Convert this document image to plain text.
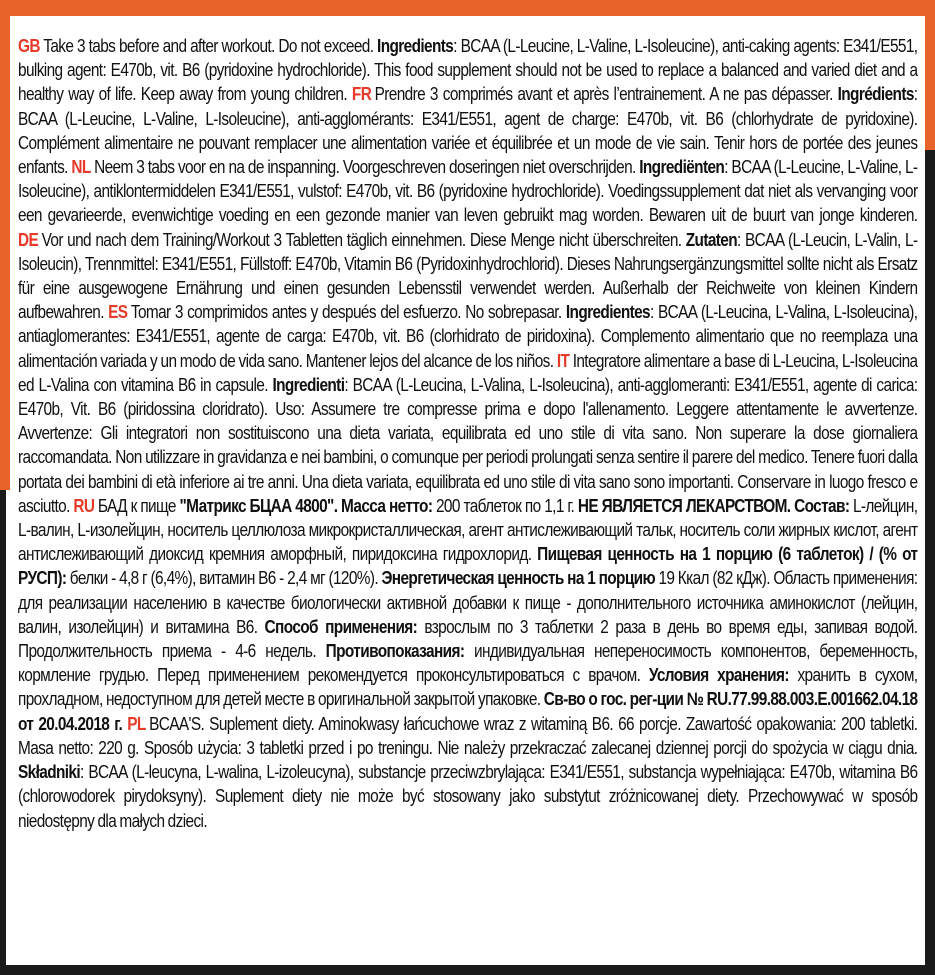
GB Take 3 tabs before and after workout. Do not exceed. Ingredients: BCAA (L-Leucine, L-Valine, L-Isoleucine), anti-caking agents: E341/E551, bulking agent: E470b, vit. B6 (pyridoxine hydrochloride). This food supplement should not be used to replace a balanced and varied diet and a healthy way of life. Keep away from young children. FR Prendre 3 comprimés avant et après l’entrainement. A ne pas dépasser. Ingrédients: BCAA (L-Leucine, L-Valine, L-Isoleucine), anti-agglomérants: E341/E551, agent de charge: E470b, vit. B6 (chlorhydrate de pyridoxine). Complément alimentaire ne pouvant remplacer une alimentation variée et équilibrée et un mode de vie sain. Tenir hors de portée des jeunes enfants. NL Neem 3 tabs voor en na de inspanning. Voorgeschreven doseringen niet overschrijden. Ingrediënten: BCAA (L-Leucine, L-Valine, L-Isoleucine), antiklontermiddelen E341/E551, vulstof: E470b, vit. B6 (pyridoxine hydrochloride). Voedingssupplement dat niet als vervanging voor een gevarieerde, evenwichtige voeding en een gezonde manier van leven gebruikt mag worden. Bewaren uit de buurt van jonge kinderen. DE Vor und nach dem Training/Workout 3 Tabletten täglich einnehmen. Diese Menge nicht überschreiten. Zutaten: BCAA (L-Leucin, L-Valin, L-Isoleucin), Trennmittel: E341/E551, Füllstoff: E470b, Vitamin B6 (Pyridoxinhydrochlorid). Dieses Nahrungsergänzungsmittel sollte nicht als Ersatz für eine ausgewogene Ernährung und einen gesunden Lebensstil verwendet werden. Außerhalb der Reichweite von kleinen Kindern aufbewahren. ES Tomar 3 comprimidos antes y después del esfuerzo. No sobrepasar. Ingredientes: BCAA (L-Leucina, L-Valina, L-Isoleucina), antiaglomerantes: E341/E551, agente de carga: E470b, vit. B6 (clorhidrato de piridoxina). Complemento alimentario que no reemplaza una alimentación variada y un modo de vida sano. Mantener lejos del alcance de los niños. IT Integratore alimentare a base di L-Leucina, L-Isoleucina ed L-Valina con vitamina B6 in capsule. Ingredienti: BCAA (L-Leucina, L-Valina, L-Isoleucina), anti-agglomeranti: E341/E551, agente di carica: E470b, Vit. B6 (piridossina cloridrato). Uso: Assumere tre compresse prima e dopo l'allenamento. Leggere attentamente le avvertenze. Avvertenze: Gli integratori non sostituiscono una dieta variata, equilibrata ed uno stile di vita sano. Non superare la dose giornaliera raccomandata. Non utilizzare in gravidanza e nei bambini, o comunque per periodi prolungati senza sentire il parere del medico. Tenere fuori dalla portata dei bambini di età inferiore ai tre anni. Una dieta variata, equilibrata ed uno stile di vita sano sono importanti. Conservare in luogo fresco e asciutto. RU БАД к пище "Матрикс БЦАА 4800". Масса нетто: 200 таблеток по 1,1 г. НЕ ЯВЛЯЕТСЯ ЛЕКАРСТВОМ. Состав: L-лейцин, L-валин, L-изолейцин, носитель целлюлоза микрокристаллическая, агент антислеживающий тальк, носитель соли жирных кислот, агент антислеживающий диоксид кремния аморфный, пиридоксина гидрохлорид. Пищевая ценность на 1 порцию (6 таблеток) / (% от РУСП): белки - 4,8 г (6,4%), витамин B6 - 2,4 мг (120%). Энергетическая ценность на 1 порцию 19 Ккал (82 кДж). Область применения: для реализации населению в качестве биологически активной добавки к пище - дополнительного источника аминокислот (лейцин, валин, изолейцин) и витамина B6. Способ применения: взрослым по 3 таблетки 2 раза в день во время еды, запивая водой. Продолжительность приема - 4-6 недель. Противопоказания: индивидуальная непереносимость компонентов, беременность, кормление грудью. Перед применением рекомендуется проконсультироваться с врачом. Условия хранения: хранить в сухом, прохладном, недоступном для детей месте в оригинальной закрытой упаковке. Св-во о гос. рег-ции № RU.77.99.88.003.E.001662.04.18 от 20.04.2018 г. PL BCAA'S. Suplement diety. Aminokwasy łańcuchowe wraz z witaminą B6. 66 porcje. Zawartość opakowania: 200 tabletki. Masa netto: 220 g. Sposób użycia: 3 tabletki przed i po treningu. Nie należy przekraczać zalecanej dziennej porcji do spożycia w ciągu dnia. Składniki: BCAA (L-leucyna, L-walina, L-izoleucyna), substancje przeciwzbrylająca: E341/E551, substancja wypełniająca: E470b, witamina B6 (chlorowodorek pirydoksyny). Suplement diety nie może być stosowany jako substytut zróżnicowanej diety. Przechowywać w sposób niedostępny dla małych dzieci.
